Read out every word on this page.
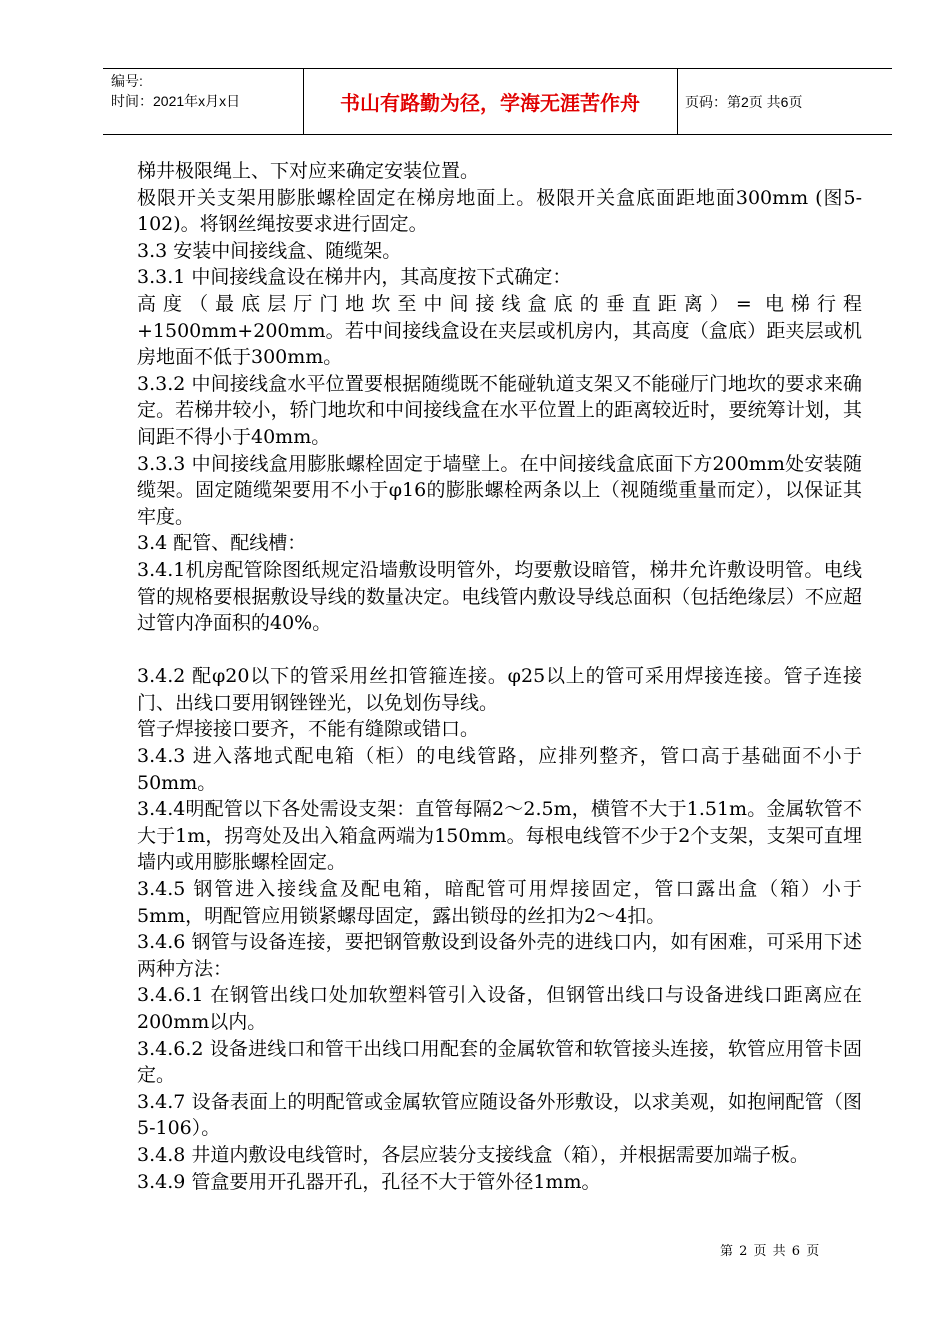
编号:
时间：2021年x月x日	书山有路勤为径，学海无涯苦作舟	页码：第2页 共6页

梯井极限绳上、下对应来确定安装位置。

极限开关支架用膨胀螺栓固定在梯房地面上。极限开关盒底面距地面300mm (图5-102)。将钢丝绳按要求进行固定。

3.3 安装中间接线盒、随缆架。

3.3.1 中间接线盒设在梯井内，其高度按下式确定：

高度（最底层厅门地坎至中间接线盒底的垂直距离）= 电梯行程+1500mm+200mm。若中间接线盒设在夹层或机房内，其高度（盒底）距夹层或机房地面不低于300mm。

3.3.2 中间接线盒水平位置要根据随缆既不能碰轨道支架又不能碰厅门地坎的要求来确定。若梯井较小，轿门地坎和中间接线盒在水平位置上的距离较近时，要统筹计划，其间距不得小于40mm。

3.3.3 中间接线盒用膨胀螺栓固定于墙壁上。在中间接线盒底面下方200mm处安装随缆架。固定随缆架要用不小于φ16的膨胀螺栓两条以上（视随缆重量而定），以保证其牢度。

3.4 配管、配线槽：

3.4.1机房配管除图纸规定沿墙敷设明管外，均要敷设暗管，梯井允许敷设明管。电线管的规格要根据敷设导线的数量决定。电线管内敷设导线总面积（包括绝缘层）不应超过管内净面积的40%。

3.4.2 配φ20以下的管采用丝扣管箍连接。φ25以上的管可采用焊接连接。管子连接门、出线口要用钢锉锉光，以免划伤导线。

管子焊接接口要齐，不能有缝隙或错口。

3.4.3 进入落地式配电箱（柜）的电线管路，应排列整齐，管口高于基础面不小于50mm。

3.4.4明配管以下各处需设支架：直管每隔2～2.5m，横管不大于1.51m。金属软管不大于1m，拐弯处及出入箱盒两端为150mm。每根电线管不少于2个支架，支架可直埋墙内或用膨胀螺栓固定。

3.4.5 钢管进入接线盒及配电箱，暗配管可用焊接固定，管口露出盒（箱）小于5mm，明配管应用锁紧螺母固定，露出锁母的丝扣为2～4扣。

3.4.6 钢管与设备连接，要把钢管敷设到设备外壳的进线口内，如有困难，可采用下述两种方法：

3.4.6.1 在钢管出线口处加软塑料管引入设备，但钢管出线口与设备进线口距离应在200mm以内。

3.4.6.2 设备进线口和管干出线口用配套的金属软管和软管接头连接，软管应用管卡固定。

3.4.7 设备表面上的明配管或金属软管应随设备外形敷设，以求美观，如抱闸配管（图5-106）。

3.4.8 井道内敷设电线管时，各层应装分支接线盒（箱），并根据需要加端子板。

3.4.9 管盒要用开孔器开孔，孔径不大于管外径1mm。

第 2 页 共 6 页
